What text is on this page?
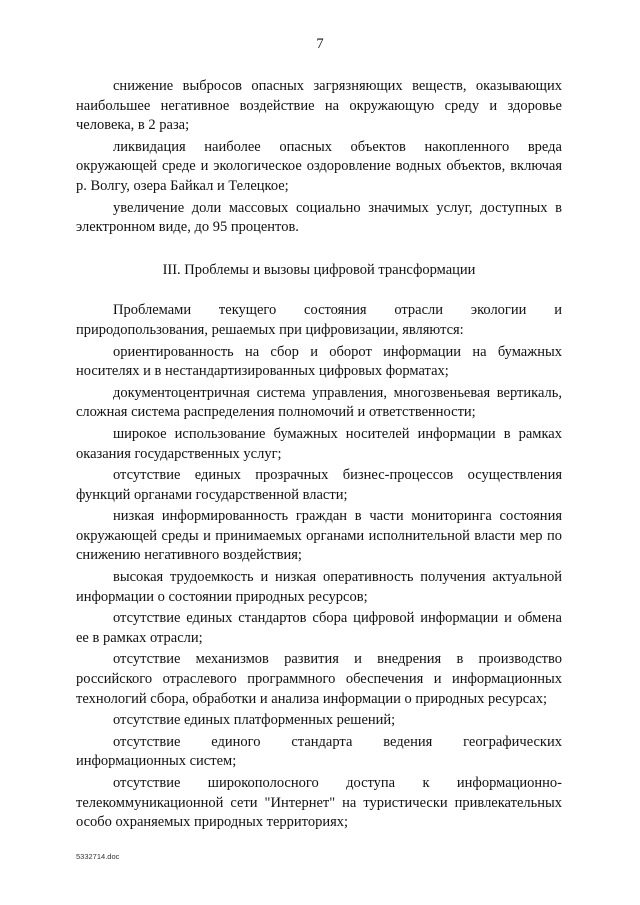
7

снижение выбросов опасных загрязняющих веществ, оказывающих наибольшее негативное воздействие на окружающую среду и здоровье человека, в 2 раза;

ликвидация наиболее опасных объектов накопленного вреда окружающей среде и экологическое оздоровление водных объектов, включая р. Волгу, озера Байкал и Телецкое;

увеличение доли массовых социально значимых услуг, доступных в электронном виде, до 95 процентов.

III. Проблемы и вызовы цифровой трансформации

Проблемами текущего состояния отрасли экологии и природопользования, решаемых при цифровизации, являются:

ориентированность на сбор и оборот информации на бумажных носителях и в нестандартизированных цифровых форматах;

документоцентричная система управления, многозвеньевая вертикаль, сложная система распределения полномочий и ответственности;

широкое использование бумажных носителей информации в рамках оказания государственных услуг;

отсутствие единых прозрачных бизнес-процессов осуществления функций органами государственной власти;

низкая информированность граждан в части мониторинга состояния окружающей среды и принимаемых органами исполнительной власти мер по снижению негативного воздействия;

высокая трудоемкость и низкая оперативность получения актуальной информации о состоянии природных ресурсов;

отсутствие единых стандартов сбора цифровой информации и обмена ее в рамках отрасли;

отсутствие механизмов развития и внедрения в производство российского отраслевого программного обеспечения и информационных технологий сбора, обработки и анализа информации о природных ресурсах;

отсутствие единых платформенных решений;

отсутствие единого стандарта ведения географических информационных систем;

отсутствие широкополосного доступа к информационно-телекоммуникационной сети "Интернет" на туристически привлекательных особо охраняемых природных территориях;

5332714.doc
